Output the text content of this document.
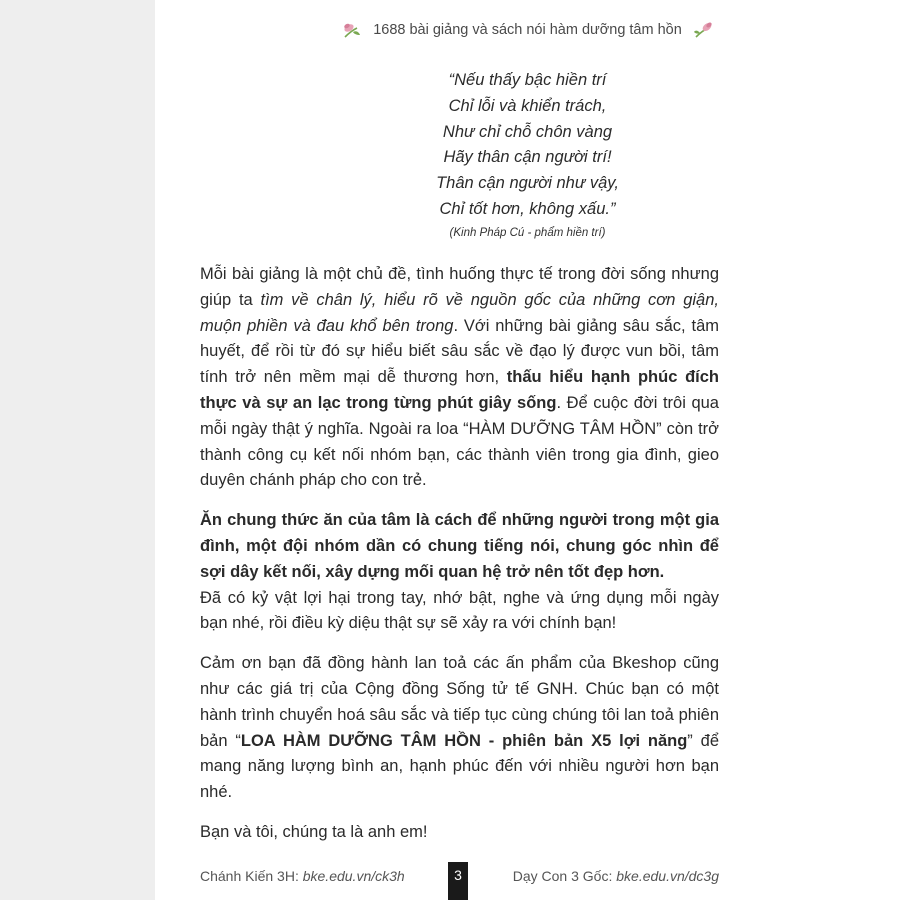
1688 bài giảng và sách nói hàm dưỡng tâm hồn
“Nếu thấy bậc hiền trí
Chỉ lỗi và khiển trách,
Như chỉ chỗ chôn vàng
Hãy thân cận người trí!
Thân cận người như vậy,
Chỉ tốt hơn, không xấu.”
(Kinh Pháp Cú - phẩm hiền trí)

Mỗi bài giảng là một chủ đề, tình huống thực tế trong đời sống nhưng giúp ta tìm về chân lý, hiểu rõ về nguồn gốc của những cơn giận, muộn phiền và đau khổ bên trong. Với những bài giảng sâu sắc, tâm huyết, để rồi từ đó sự hiểu biết sâu sắc về đạo lý được vun bồi, tâm tính trở nên mềm mại dễ thương hơn, thấu hiểu hạnh phúc đích thực và sự an lạc trong từng phút giây sống. Để cuộc đời trôi qua mỗi ngày thật ý nghĩa. Ngoài ra loa “HÀM DƯỠNG TÂM HỒN” còn trở thành công cụ kết nối nhóm bạn, các thành viên trong gia đình, gieo duyên chánh pháp cho con trẻ.

Ăn chung thức ăn của tâm là cách để những người trong một gia đình, một đội nhóm dần có chung tiếng nói, chung góc nhìn để sợi dây kết nối, xây dựng mối quan hệ trở nên tốt đẹp hơn.
Đã có kỷ vật lợi hại trong tay, nhớ bật, nghe và ứng dụng mỗi ngày bạn nhé, rồi điều kỳ diệu thật sự sẽ xảy ra với chính bạn!

Cảm ơn bạn đã đồng hành lan toả các ấn phẩm của Bkeshop cũng như các giá trị của Cộng đồng Sống tử tế GNH. Chúc bạn có một hành trình chuyển hoá sâu sắc và tiếp tục cùng chúng tôi lan toả phiên bản “LOA HÀM DƯỠNG TÂM HỒN - phiên bản X5 lợi năng” để mang năng lượng bình an, hạnh phúc đến với nhiều người hơn bạn nhé.

Bạn và tôi, chúng ta là anh em!

Chánh Kiến 3H: bke.edu.vn/ck3h	3	Dạy Con 3 Gốc: bke.edu.vn/dc3g
